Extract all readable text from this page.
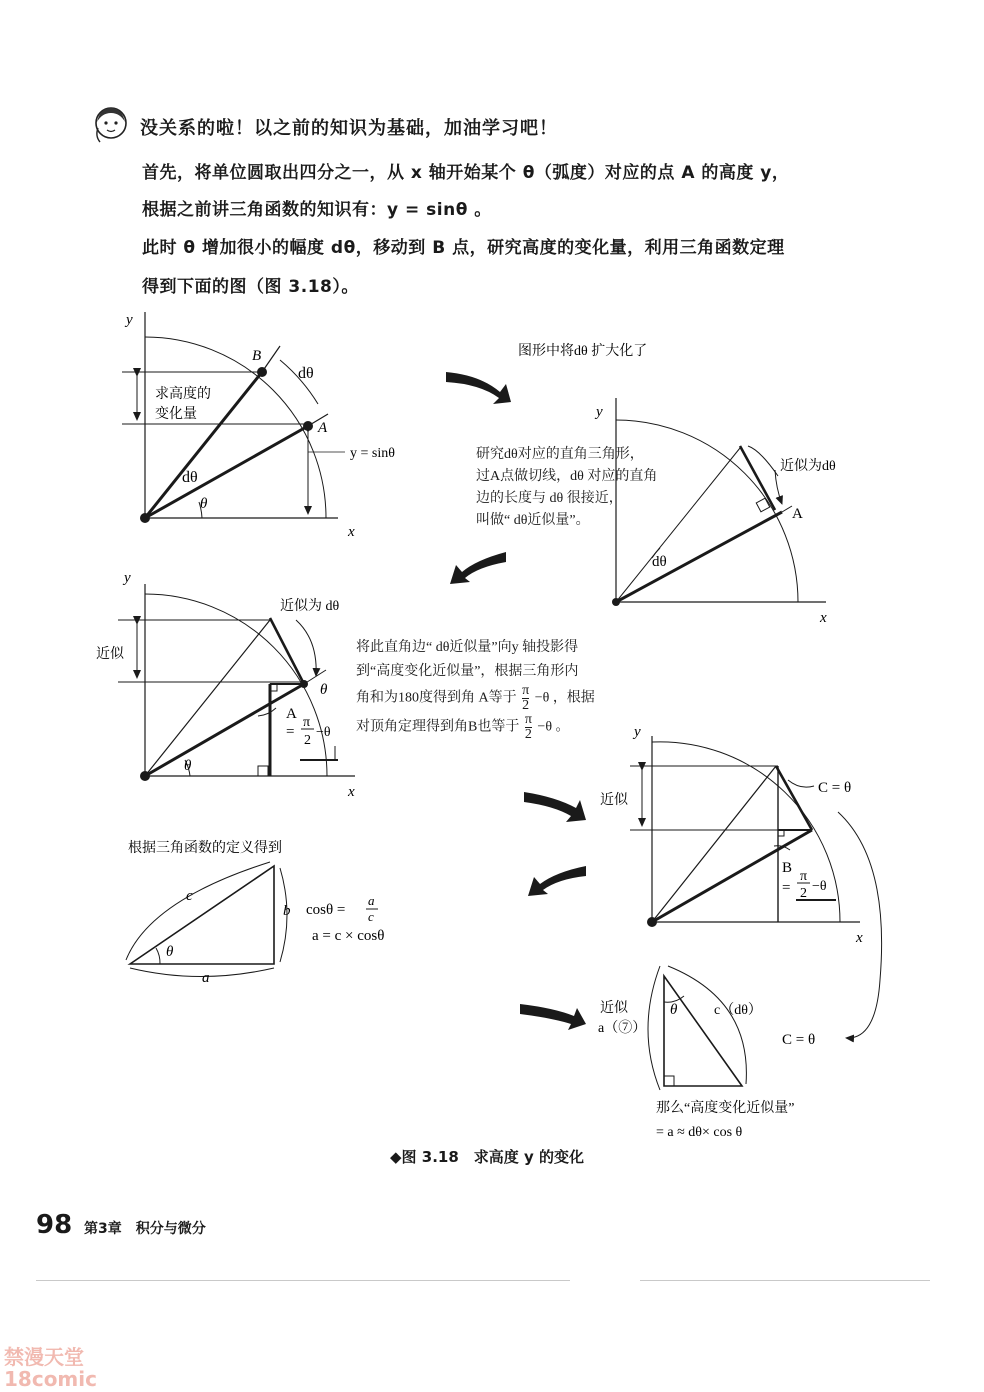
没关系的啦！以之前的知识为基础，加油学习吧！
首先，将单位圆取出四分之一，从 x 轴开始某个 θ（弧度）对应的点 A 的高度 y，
根据之前讲三角函数的知识有：y = sinθ 。
此时 θ 增加很小的幅度 dθ，移动到 B 点，研究高度的变化量，利用三角函数定理
得到下面的图（图 3.18）。
y
x
B
A
dθ
dθ
θ
求高度的
变化量
y = sinθ
图形中将dθ 扩大化了
y
x
近似为dθ
A
dθ
y
x
近似为 dθ
近似
θ
θ
A
=
π
2
−θ	y
x
近似
C = θ
B
=
π
2 −θ
根据三角函数的定义得到
c
b
a
θ
cosθ =
a
c
a = c × cosθ
近似
a（⑦）
θ	c（dθ）
C = θ
那么“高度变化近似量”
= a ≈ dθ× cos θ
研究dθ对应的直角三角形，
过A点做切线，dθ 对应的直角
边的长度与 dθ 很接近，
叫做“ dθ近似量”。
将此直角边“ dθ近似量”向y 轴投影得
到“高度变化近似量”，根据三角形内
角和为180度得到角 A等于 $\frac{\pi}{2} -\theta$ ，根据
对顶角定理得到角B也等于 $\frac{\pi}{2} -\theta$ 。
◆图 3.18　求高度 y 的变化
98 第3章　积分与微分
禁漫天堂
18comic
